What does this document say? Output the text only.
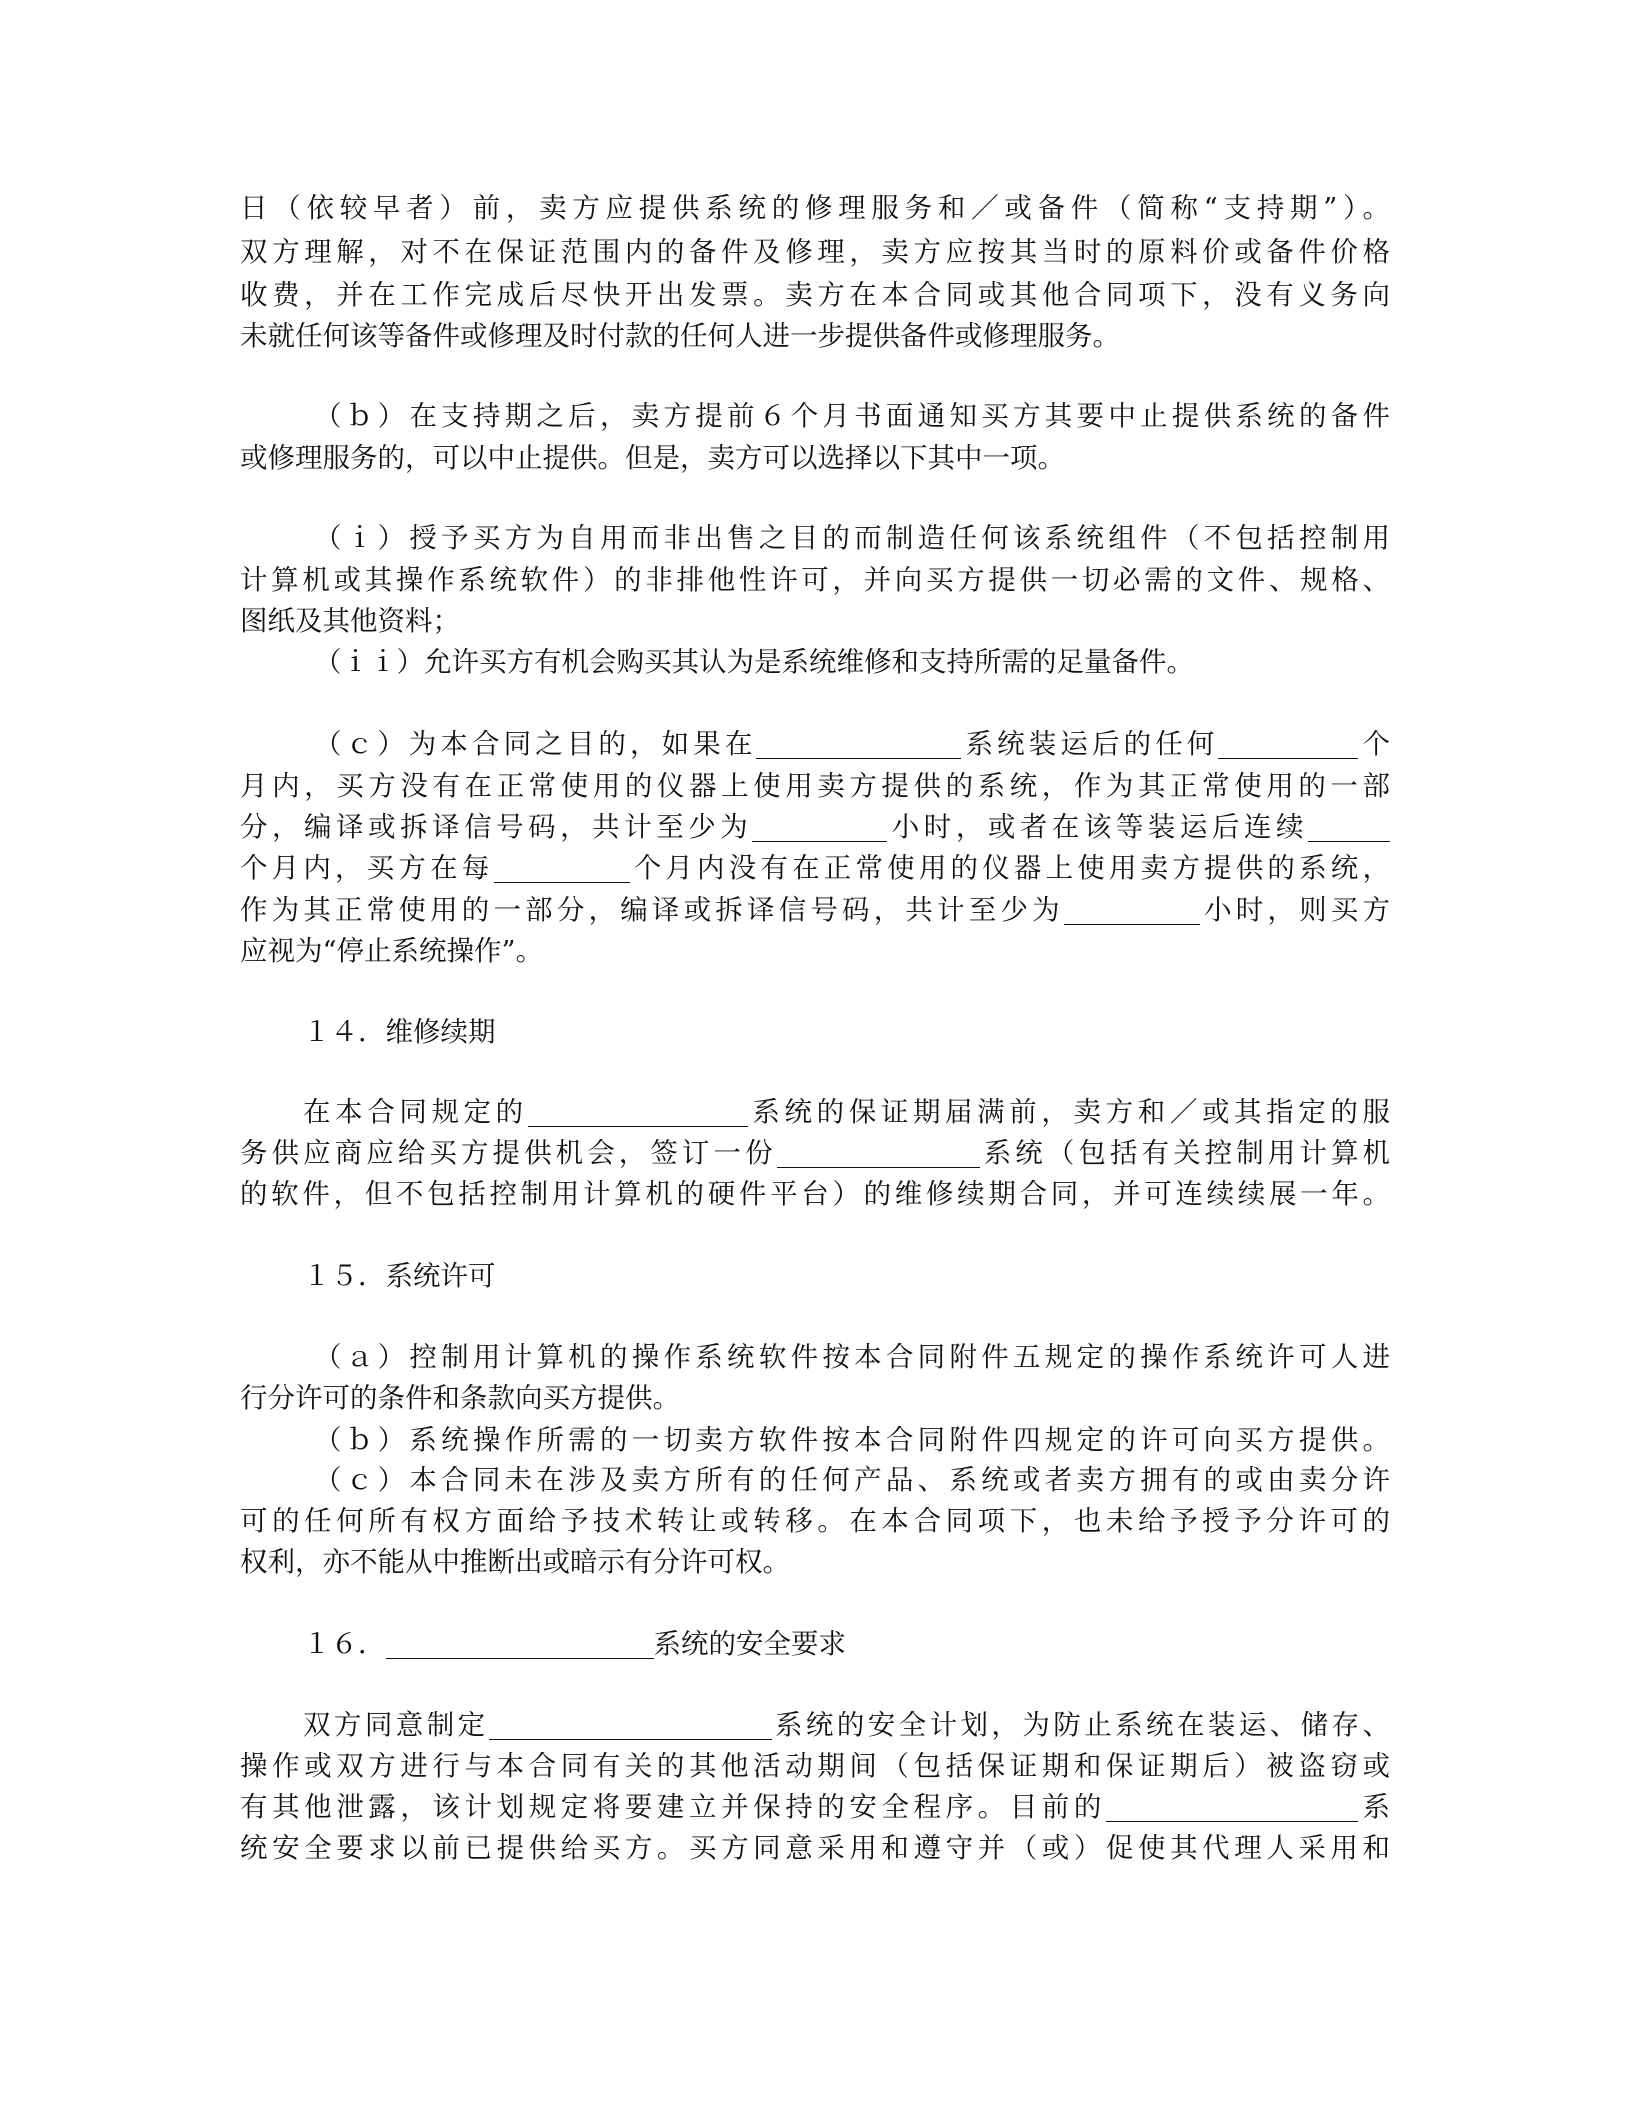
日（依较早者）前，卖方应提供系统的修理服务和／或备件（简称“支持期”）。
双方理解，对不在保证范围内的备件及修理，卖方应按其当时的原料价或备件价格
收费，并在工作完成后尽快开出发票。卖方在本合同或其他合同项下，没有义务向
未就任何该等备件或修理及时付款的任何人进一步提供备件或修理服务。
（ｂ）在支持期之后，卖方提前６个月书面通知买方其要中止提供系统的备件
或修理服务的，可以中止提供。但是，卖方可以选择以下其中一项。
（ｉ）授予买方为自用而非出售之目的而制造任何该系统组件（不包括控制用
计算机或其操作系统软件）的非排他性许可，并向买方提供一切必需的文件、规格、
图纸及其他资料；
（ｉｉ）允许买方有机会购买其认为是系统维修和支持所需的足量备件。
（ｃ）为本合同之目的，如果在	系统装运后的任何	个
月内，买方没有在正常使用的仪器上使用卖方提供的系统，作为其正常使用的一部
分，编译或拆译信号码，共计至少为	小时，或者在该等装运后连续
个月内，买方在每	个月内没有在正常使用的仪器上使用卖方提供的系统，
作为其正常使用的一部分，编译或拆译信号码，共计至少为	小时，则买方
应视为“停止系统操作”。
１４．维修续期
在本合同规定的	系统的保证期届满前，卖方和／或其指定的服
务供应商应给买方提供机会，签订一份	系统（包括有关控制用计算机
的软件，但不包括控制用计算机的硬件平台）的维修续期合同，并可连续续展一年。
１５．系统许可
（ａ）控制用计算机的操作系统软件按本合同附件五规定的操作系统许可人进
行分许可的条件和条款向买方提供。
（ｂ）系统操作所需的一切卖方软件按本合同附件四规定的许可向买方提供。
（ｃ）本合同未在涉及卖方所有的任何产品、系统或者卖方拥有的或由卖分许
可的任何所有权方面给予技术转让或转移。在本合同项下，也未给予授予分许可的
权利，亦不能从中推断出或暗示有分许可权。
１６．	系统的安全要求
双方同意制定	系统的安全计划，为防止系统在装运、储存、
操作或双方进行与本合同有关的其他活动期间（包括保证期和保证期后）被盗窃或
有其他泄露，该计划规定将要建立并保持的安全程序。目前的	系
统安全要求以前已提供给买方。买方同意采用和遵守并（或）促使其代理人采用和
